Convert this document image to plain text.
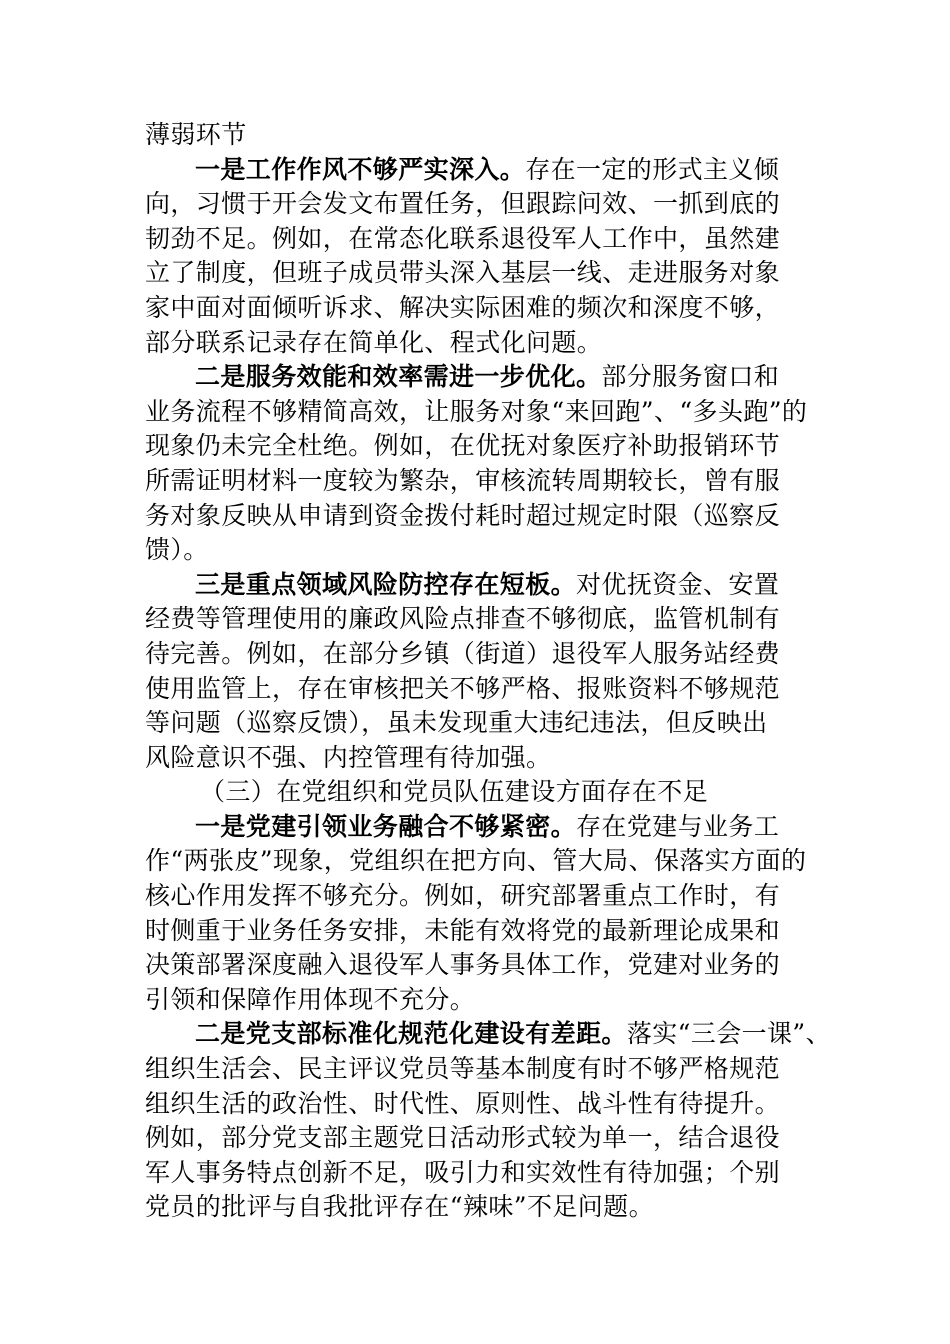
薄弱环节
一是工作作风不够严实深入。存在一定的形式主义倾
向，习惯于开会发文布置任务，但跟踪问效、一抓到底的
韧劲不足。例如，在常态化联系退役军人工作中，虽然建
立了制度，但班子成员带头深入基层一线、走进服务对象
家中面对面倾听诉求、解决实际困难的频次和深度不够，
部分联系记录存在简单化、程式化问题。
二是服务效能和效率需进一步优化。部分服务窗口和
业务流程不够精简高效，让服务对象“来回跑”、“多头跑”的
现象仍未完全杜绝。例如，在优抚对象医疗补助报销环节
所需证明材料一度较为繁杂，审核流转周期较长，曾有服
务对象反映从申请到资金拨付耗时超过规定时限（巡察反
馈）。
三是重点领域风险防控存在短板。对优抚资金、安置
经费等管理使用的廉政风险点排查不够彻底，监管机制有
待完善。例如，在部分乡镇（街道）退役军人服务站经费
使用监管上，存在审核把关不够严格、报账资料不够规范
等问题（巡察反馈），虽未发现重大违纪违法，但反映出
风险意识不强、内控管理有待加强。
（三）在党组织和党员队伍建设方面存在不足
一是党建引领业务融合不够紧密。存在党建与业务工
作“两张皮”现象，党组织在把方向、管大局、保落实方面的
核心作用发挥不够充分。例如，研究部署重点工作时，有
时侧重于业务任务安排，未能有效将党的最新理论成果和
决策部署深度融入退役军人事务具体工作，党建对业务的
引领和保障作用体现不充分。
二是党支部标准化规范化建设有差距。落实“三会一课”、
组织生活会、民主评议党员等基本制度有时不够严格规范
组织生活的政治性、时代性、原则性、战斗性有待提升。
例如，部分党支部主题党日活动形式较为单一，结合退役
军人事务特点创新不足，吸引力和实效性有待加强；个别
党员的批评与自我批评存在“辣味”不足问题。
